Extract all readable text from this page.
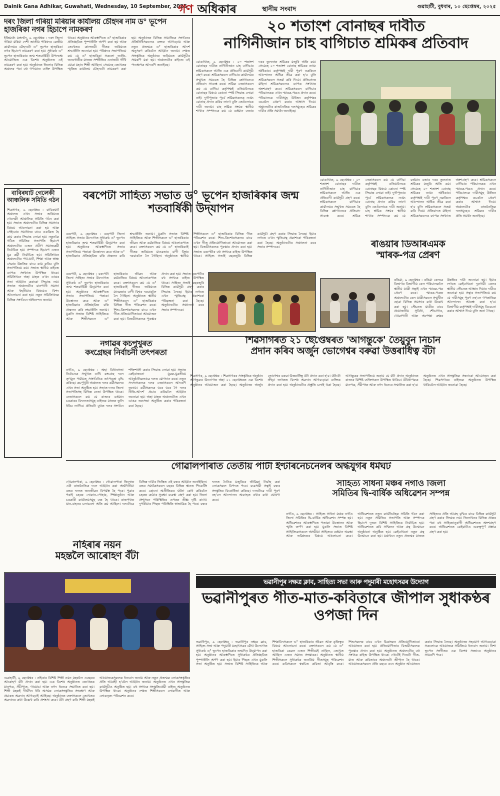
Dainik Gana Adhikar, Guwahati, Wednesday, 10 September, 2025
গণ অধিকাৰ	স্থানীয় সংবাদ	গুৱাহাটী, বুধবাৰ, ১০ ছেপ্তেম্বৰ, ২০২৫
দৰং জিলা গৰিয়া মৰিয়াৰ কাৰ্যালয় চৌহদৰ নাম ড° ভূপেন হাজৰিকা নগৰ হিচাপে নামকৰণ
ইতিমধ্যে মঙ্গলদৈ, ৯ ছেপ্তেম্বৰ : দৰং জিলা গৰিয়া মৰিয়া দেশী জাতীয় পৰিষদৰ কেন্দ্ৰীয় কাৰ্যালয়ৰ চৌহদটো ড° ভূপেন হাজৰিকা নগৰ হিচাপে নামকৰণ কৰা হয়। সুধাকণ্ঠ ড° ভূপেন হাজৰিকাৰ জন্ম শতবাৰ্ষিকী উপলক্ষে আয়োজিত এক বিশেষ অনুষ্ঠানত এই নামকৰণ কৰা হয়। অনুষ্ঠানত জিলাৰ বিভিন্ন অঞ্চলৰ পৰা বহু গণ্যমান্য ব্যক্তি উপস্থিত থাকে। অনুষ্ঠানৰ আৰম্ভণিতে ড° হাজৰিকাৰ প্ৰতিচ্ছবিত পুষ্পাঞ্জলি অৰ্পণ কৰা হয় আৰু তেখেতৰ কালজয়ী গীতৰ জৰিয়তে শ্ৰদ্ধাঞ্জলি জনোৱা হয়। পৰিষদৰ সভাপতিয়ে কয় যে ড° হাজৰিকা সকলো জাতি-জনগোষ্ঠীৰ মাজত সম্প্ৰীতিৰ এনাজৰী গাঁথি যোৱা মহান শিল্পী আছিল। সেয়েহে তেখেতৰ স্মৃতিত কাৰ্যালয় চৌহদটো নামকৰণ কৰা হয়। অনুষ্ঠানত বিভিন্ন সামাজিক সংগঠনৰ প্ৰতিনিধিসকলেও বক্তব্য আগবঢ়ায় আৰু নতুন প্ৰজন্মক ড° হাজৰিকাৰ আদৰ্শ অনুসৰণ কৰিবলৈ আহ্বান জনায়। শেষত সাংস্কৃতিক অনুষ্ঠানৰ জৰিয়তে কাৰ্যসূচীৰ সামৰণি মৰা হয়। অঞ্চলটোৰ ৰাইজে এই পদক্ষেপক আদৰণি জনাইছে।
২০ শতাংশ বোনাছৰ দাবীত
নাগিনীজান চাহ বাগিচাত শ্ৰমিকৰ প্ৰতিবাদ
বোকাখাত, ৯ ছেপ্তেম্বৰ : ২০ শতাংশ বোনাছৰ দাবীত নাগিনীজান চাহ বাগিচাৰ শ্ৰমিকসকলে আজি এক প্ৰতিবাদী কাৰ্যসূচী গ্ৰহণ কৰে। শ্ৰমিকসকলে বাগিচাৰ কাৰ্যালয়ৰ সন্মুখত সমবেত হৈ বিভিন্ন শ্লোগানেৰে প্ৰতিবাদ সাব্যস্ত কৰে। শ্ৰমিক নেতাসকলে কয় যে বাগিচা কৰ্তৃপক্ষই এতিয়ালৈকে বোনাছৰ বিষয়ে কোনো স্পষ্ট সিদ্ধান্ত লোৱা নাই। দুৰ্গাপূজাৰ পূৰ্বে শ্ৰমিকসকলক ন্যায্য বোনাছ প্ৰদান কৰিব লাগে বুলি তেওঁলোকে দাবী জনায়। চাহ শ্ৰমিক সংঘৰ স্থানীয় শাখাৰ সম্পাদকে কয় যে বৰ্তমান বজাৰ দৰৰ তুলনাত শ্ৰমিকৰ মজুৰি অতি কম। সেয়েহে ২০ শতাংশ বোনাছ শ্ৰমিকৰ ন্যায্য অধিকাৰ। কৰ্তৃপক্ষই দাবী পূৰণ নকৰিলে আন্দোলন অধিক তীব্ৰ কৰা হ'ব বুলি শ্ৰমিকসকলে সতৰ্ক কৰি দিয়ে। প্ৰতিবাদত মহিলা শ্ৰমিকসকলেও ব্যাপক সংখ্যাত অংশগ্ৰহণ কৰে। শ্ৰমিকসকলে বাগিচাৰ পৰিচালকক এখন স্মাৰক-পত্ৰও প্ৰদান কৰে। পৰিচালকে দাবীসমূহ উৰ্ধতন কৰ্তৃপক্ষৰ ওচৰলৈ প্ৰেৰণ কৰাৰ আশ্বাস দিয়ে। অঞ্চলটোৰ ৰাজনৈতিক দলসমূহেও শ্ৰমিকৰ দাবীৰ প্ৰতি সমৰ্থন জনাইছে।
বোকাখাত, ৯ ছেপ্তেম্বৰ : ২০ শতাংশ বোনাছৰ দাবীত নাগিনীজান চাহ বাগিচাৰ শ্ৰমিকসকলে আজি এক প্ৰতিবাদী কাৰ্যসূচী গ্ৰহণ কৰে। শ্ৰমিকসকলে বাগিচাৰ কাৰ্যালয়ৰ সন্মুখত সমবেত হৈ বিভিন্ন শ্লোগানেৰে প্ৰতিবাদ সাব্যস্ত কৰে। শ্ৰমিক নেতাসকলে কয় যে বাগিচা কৰ্তৃপক্ষই এতিয়ালৈকে বোনাছৰ বিষয়ে কোনো স্পষ্ট সিদ্ধান্ত লোৱা নাই। দুৰ্গাপূজাৰ পূৰ্বে শ্ৰমিকসকলক ন্যায্য বোনাছ প্ৰদান কৰিব লাগে বুলি তেওঁলোকে দাবী জনায়। চাহ শ্ৰমিক সংঘৰ স্থানীয় শাখাৰ সম্পাদকে কয় যে বৰ্তমান বজাৰ দৰৰ তুলনাত শ্ৰমিকৰ মজুৰি অতি কম। সেয়েহে ২০ শতাংশ বোনাছ শ্ৰমিকৰ ন্যায্য অধিকাৰ। কৰ্তৃপক্ষই দাবী পূৰণ নকৰিলে আন্দোলন অধিক তীব্ৰ কৰা হ'ব বুলি শ্ৰমিকসকলে সতৰ্ক কৰি দিয়ে। প্ৰতিবাদত মহিলা শ্ৰমিকসকলেও ব্যাপক সংখ্যাত অংশগ্ৰহণ কৰে। শ্ৰমিকসকলে বাগিচাৰ পৰিচালকক এখন স্মাৰক-পত্ৰও প্ৰদান কৰে। পৰিচালকে দাবীসমূহ উৰ্ধতন কৰ্তৃপক্ষৰ ওচৰলৈ প্ৰেৰণ কৰাৰ আশ্বাস দিয়ে। অঞ্চলটোৰ ৰাজনৈতিক দলসমূহেও শ্ৰমিকৰ দাবীৰ প্ৰতি সমৰ্থন জনাইছে।
বাবিৰঘাট গেলেকী আঞ্চলিক সমিতি গঠন
শিৱসাগৰ, ৯ ছেপ্তেম্বৰ : বাবিৰঘাট অঞ্চলত এখন সভাৰ জৰিয়তে গেলেকী আঞ্চলিক সমিতি গঠন কৰা হয়। সভাত অঞ্চলটোৰ বিভিন্ন সমস্যাৰ বিষয়ে আলোচনা কৰা হয় আৰু সেইবোৰ সমাধানৰ বাবে একত্ৰিত হৈ কাম কৰাৰ সিদ্ধান্ত লোৱা হয়। নতুনকৈ গঠিত সমিতিৰ সভাপতি হিচাপে অঞ্চলটোৰ এজন প্ৰবীণ সমাজকৰ্মী নিৰ্বাচিত হয়। সম্পাদক হিচাপে এজন যুৱ কৰ্মী নিৰ্বাচিত হয়। সমিতিখনে অঞ্চলটোৰ পথ-ঘাট, শিক্ষা আৰু স্বাস্থ্য সেৱাৰ উন্নতিৰ বাবে কাম কৰিব বুলি সভাপতিয়ে কয়। সভাত স্থানীয় ৰাইজে ব্যাপক সংখ্যাত উপস্থিত থাকে। সমিতিখনে অহা মাহত এখন ডাঙৰ সভা আহ্বান কৰাৰো সিদ্ধান্ত লয়। সভাত অঞ্চলটোৰ বানপানী সমস্যা আৰু খহনীয়াৰ বিষয়েও বিশদ আলোচনা কৰা হয়। নতুন সমিতিখনক বিভিন্ন সংগঠনে অভিনন্দন জনায়।
বৰপেটা সাহিত্য সভাত ড° ভূপেন হাজৰিকাৰ জন্ম শতবাৰ্ষিকী উদ্‌যাপন
বৰপেটা, ৯ ছেপ্তেম্বৰ : বৰপেটা জিলা সাহিত্য সভাৰ উদ্যোগত সুধাকণ্ঠ ড° ভূপেন হাজৰিকাৰ জন্ম শতবাৰ্ষিকী উদ্‌যাপন কৰা হয়। অনুষ্ঠানৰ আৰম্ভণিতে সভাৰ সভাপতিয়ে পতাকা উত্তোলন কৰে আৰু ড° হাজৰিকাৰ প্ৰতিচ্ছবিত বন্তি প্ৰজ্বলন কৰি শ্ৰদ্ধাঞ্জলি জনায়। মুকলি সভাত বিশিষ্ট সাহিত্যিক আৰু শিল্পীসকলে ড° হাজৰিকাৰ জীৱন আৰু কৰ্মৰাজিৰ বিষয়ে আলোকপাত কৰে। বক্তাসকলে কয় যে ড° হাজৰিকাই গীতৰ জৰিয়তে মানৱতাৰ বাণী বিশ্বৰ দৰবাৰলৈ লৈ গৈছিল। অনুষ্ঠানত স্থানীয় শিল্পীসকলে ড° হাজৰিকাৰ বিভিন্ন গীত পৰিৱেশন কৰে। শিশু-কিশোৰসকলৰ বাবে এখন গীত প্ৰতিযোগিতাৰো আয়োজন কৰা হয়। বিজয়ীসকলক পুৰস্কাৰ প্ৰদান কৰা হয়। সভাত বৰপেটাৰ বহু সংখ্যক ৰাইজ উপস্থিত থাকে। সাহিত্য সভাই বছৰজুৰি বিভিন্ন কাৰ্যসূচী গ্ৰহণ কৰাৰ সিদ্ধান্ত লৈছে। ইয়াৰ লগতে এখন স্মৃতিগ্ৰন্থ প্ৰকাশৰো পৰিকল্পনা কৰা হৈছে। অনুষ্ঠানটোৰ সঞ্চালনা কৰে সভাৰ সম্পাদকে।
বৰপেটা, ৯ ছেপ্তেম্বৰ : বৰপেটা জিলা সাহিত্য সভাৰ উদ্যোগত সুধাকণ্ঠ ড° ভূপেন হাজৰিকাৰ জন্ম শতবাৰ্ষিকী উদ্‌যাপন কৰা হয়। অনুষ্ঠানৰ আৰম্ভণিতে সভাৰ সভাপতিয়ে পতাকা উত্তোলন কৰে আৰু ড° হাজৰিকাৰ প্ৰতিচ্ছবিত বন্তি প্ৰজ্বলন কৰি শ্ৰদ্ধাঞ্জলি জনায়। মুকলি সভাত বিশিষ্ট সাহিত্যিক আৰু শিল্পীসকলে ড° হাজৰিকাৰ জীৱন আৰু কৰ্মৰাজিৰ বিষয়ে আলোকপাত কৰে। বক্তাসকলে কয় যে ড° হাজৰিকাই গীতৰ জৰিয়তে মানৱতাৰ বাণী বিশ্বৰ দৰবাৰলৈ লৈ গৈছিল। অনুষ্ঠানত স্থানীয় শিল্পীসকলে ড° হাজৰিকাৰ বিভিন্ন গীত পৰিৱেশন কৰে। শিশু-কিশোৰসকলৰ বাবে এখন গীত প্ৰতিযোগিতাৰো আয়োজন কৰা হয়। বিজয়ীসকলক পুৰস্কাৰ প্ৰদান কৰা হয়। সভাত বৰপেটাৰ বহু সংখ্যক ৰাইজ উপস্থিত থাকে। সাহিত্য সভাই বছৰজুৰি বিভিন্ন কাৰ্যসূচী গ্ৰহণ কৰাৰ সিদ্ধান্ত লৈছে। ইয়াৰ লগতে এখন স্মৃতিগ্ৰন্থ প্ৰকাশৰো পৰিকল্পনা কৰা হৈছে। অনুষ্ঠানটোৰ সঞ্চালনা কৰে সভাৰ সম্পাদকে।
ৰঙিয়াৰ ডিআৰএমক
স্মাৰক-পত্ৰ প্ৰেৰণ
ৰঙিয়া, ৯ ছেপ্তেম্বৰ : ৰঙিয়া ৰেলৱে বিভাগৰ বিভাগীয় ৰেল পৰিচালকলৈ স্থানীয় যাত্ৰী সন্থাই এখন স্মাৰক-পত্ৰ প্ৰেৰণ কৰে। স্মাৰক-পত্ৰত অঞ্চলটোৰ ৰেল যাত্ৰীসকলে সন্মুখীন হোৱা বিভিন্ন সমস্যাৰ কথা উল্লেখ কৰা হয়। স্টেচনত যাত্ৰীৰ বাবে প্ৰয়োজনীয় সুবিধা, শৌচাগাৰ, খোৱাপানী আৰু অপেক্ষা কক্ষৰ উন্নতিৰ দাবী জনোৱা হয়। ইয়াৰ লগতে কেইবাখনো দূৰগামী ৰেলৰ স্থানীয় স্টেচনত আস্থান দিয়াৰ দাবীও জনোৱা হয়। সন্থাৰ সভাপতিয়ে কয় যে দাবীসমূহ পূৰণ নহ'লে গণতান্ত্ৰিক আন্দোলন আৰম্ভ কৰা হ'ব। বিভাগীয় কৰ্তৃপক্ষই দাবীসমূহ বিবেচনা কৰাৰ আশ্বাস দিয়ে বুলি জনা গৈছে।
নগাঁৱৰ কচপুখুৰত
কংগ্ৰেছৰ নিৰ্বাচনী তৎপৰতা
নগাঁও, ৯ ছেপ্তেম্বৰ : অহা বিধানসভা নিৰ্বাচনক সন্মুখত ৰাখি কংগ্ৰেছ দলে তৃণমূল পৰ্যায়ত সাংগঠনিক তৎপৰতা বৃদ্ধি কৰিছে। কচপুখুৰী অঞ্চলত দলৰ কৰ্মীসকলৰ এখন সভা অনুষ্ঠিত হয়। সভাত দলৰ জিলা সভাপতিসহ বিভিন্ন নেতা উপস্থিত থাকে। নেতাসকলে কয় যে ৰাজ্যৰ বৰ্তমান চৰকাৰৰ বিফলতাসমূহ ৰাইজৰ মাজত তুলি ধৰিব লাগিব। প্ৰতিটো বুথত দলৰ সংগঠন শক্তিশালী কৰাৰ সিদ্ধান্ত লোৱা হয়। সভাত কেইবাজনো যুৱক-যুৱতীয়ে আনুষ্ঠানিকভাৱে দলত যোগদান কৰে। নতুন সদস্যসকলক দলৰ নেতাসকলে আদৰণি জনায়। কৰ্মীসকলক ঘৰে ঘৰে গৈ দলৰ নীতি-আদৰ্শ প্ৰচাৰ কৰিবলৈ আহ্বান জনোৱা হয়। অহা মাহত অঞ্চলটোত এখন ডাঙৰ জনসভা অনুষ্ঠিত কৰাৰ পৰিকল্পনা কৰা হৈছে।
শিৱসাগৰত ২১ ছেপ্তেম্বৰত 'আগন্তুকে' তৈয়ুবুন নিচান
প্ৰদান কৰিব অৰ্জুন ভোগেশ্বৰ বৰুৱা উত্তৰাধিত্ব বঁটা
শিৱসাগৰ, ৯ ছেপ্তেম্বৰ : শিৱসাগৰৰ সাংস্কৃতিক অনুষ্ঠান আগন্তুকৰ উদ্যোগত অহা ২১ ছেপ্তেম্বৰত এক বিশেষ অনুষ্ঠানৰ আয়োজন কৰা হৈছে। অনুষ্ঠানত অৰ্জুন ভোগেশ্বৰ বৰুৱা উত্তৰাধিত্ব বঁটা প্ৰদান কৰা হ'ব। বঁটাটো ক্ৰীড়া জগতত বিশেষ অৱদান আগবঢ়োৱা ব্যক্তিক প্ৰদান কৰা হয়। অনুষ্ঠানটোৰ প্ৰস্তুতি চলাই থকা হৈছে। আগন্তুকৰ সভাপতিয়ে জনায় যে বঁটা প্ৰদান অনুষ্ঠানত ৰাজ্যৰ বিশিষ্ট ব্যক্তিসকল উপস্থিত থাকিব। বঁটাপ্ৰাপকক মানপত্ৰ, সঁচীপাত আৰু নগদ ধনেৰে সন্মানিত কৰা হ'ব। অনুষ্ঠানত এখন সাংস্কৃতিক সন্ধ্যাৰো আয়োজন কৰা হৈছে। শিৱসাগৰৰ ৰাইজক অনুষ্ঠানত উপস্থিত থাকিবলৈ আহ্বান জনোৱা হৈছে।
গোৱালপাৰাত তেতীয় পাৰ্টী ইণ্টাৰনেচনেলৰ অৰ্দ্ধযুগৰ ধৰ্মঘট
গোৱালপাৰা, ৯ ছেপ্তেম্বৰ : গোৱালপাৰা জিলাত এটা ৰাজনৈতিক দলে আহ্বান কৰা অৰ্দ্ধদিনীয়া বন্ধৰ ফলত জনজীৱন বিপৰ্যস্ত হৈ পৰে। পুৱাৰ পৰাই চহৰৰ দোকান-পোহাৰ, শিক্ষানুষ্ঠান আৰু চৰকাৰী কাৰ্যালয়সমূহ বন্ধ হৈ থাকে। ৰাজপথত যান-বাহনৰ চলাচলো অতি কম আছিল। দলটোৱে বিভিন্ন দাবীৰ ভিত্তিত এই বন্ধৰ আহ্বান জনাইছিল। বন্ধৰ সমৰ্থকসকলে চহৰৰ বিভিন্ন স্থানত পিকেটিং কৰে। কোনো অপ্ৰীতিকৰ ঘটনা ৰোধ কৰিবলৈ চহৰত কঠোৰ সুৰক্ষা ব্যৱস্থা গ্ৰহণ কৰা হয়। জিলা প্ৰশাসনে পৰিস্থিতিৰ ওপৰত তীক্ষ্ণ দৃষ্টি ৰাখে। দুপৰীয়াৰ পিছত পৰিস্থিতি স্বাভাৱিক হৈ পৰে। বন্ধৰ ফলত দৈনিক মজুৰিৰে জীৱিকা নিৰ্বাহ কৰা লোকসকল বিপদত পৰে। ব্যৱসায়ী সন্থাই বন্ধৰ সংস্কৃতিৰ বিৰোধিতা কৰিছে। দলটোৱে দাবী পূৰণ নহ'লে আন্দোলন অব্যাহত ৰখাৰ কথা ঘোষণা কৰে।
সাহিত্য সাধনা মঞ্চৰ নগাঁও জিলা
সমিতিৰ দ্বি-বাৰ্ষিক অধিৱেশন সম্পন্ন
নগাঁও, ৯ ছেপ্তেম্বৰ : সাহিত্য সাধনা মঞ্চৰ নগাঁও জিলা সমিতিৰ দ্বি-বাৰ্ষিক অধিৱেশন সম্পন্ন হয়। অধিৱেশনৰ আৰম্ভণিতে পতাকা উত্তোলন আৰু স্মৃতি তৰ্পণ কৰা হয়। মুকলি সভাত বিশিষ্ট সাহিত্যিকসকলে অসমীয়া সাহিত্যৰ বৰ্তমান অৱস্থা আৰু ভৱিষ্যতৰ বিষয়ে আলোচনা কৰে। অধিৱেশনত নতুন কাৰ্যনিৰ্বাহক সমিতি গঠন কৰা হয়। নতুন সমিতিৰ সভাপতি আৰু সম্পাদক হিচাপে দুজন বিশিষ্ট সাহিত্যিক নিৰ্বাচিত হয়। অধিৱেশনত কবি সন্মিলন আৰু গ্ৰন্থ উন্মোচন অনুষ্ঠানো অনুষ্ঠিত হয়। কেইবাখনো নতুন গ্ৰন্থ উন্মোচন কৰা হয়। মঞ্চখনে নতুন প্ৰজন্মৰ মাজত সাহিত্যৰ প্ৰতি আগ্ৰহ বৃদ্ধিৰ বাবে বিভিন্ন কাৰ্যসূচী গ্ৰহণ কৰাৰ সিদ্ধান্ত লয়। জিলাখনৰ বিভিন্ন প্ৰান্তৰ পৰা বহু সাহিত্যানুৰাগী অধিৱেশনত অংশগ্ৰহণ কৰে। অধিৱেশনত কেইবাটাও গুৰুত্বপূৰ্ণ প্ৰস্তাৱ গ্ৰহণ কৰা হয়।
নহিৰাৰ নয়ন
মহন্তলৈ আৰোহণ বঁটা
গুৱাহাটী, ৯ ছেপ্তেম্বৰ : নহিৰাৰ বিশিষ্ট শিল্পী নয়ন মহন্তলৈ এবছৰৰ আৰোহণ বঁটা প্ৰদান কৰা হয়। এক বিশেষ অনুষ্ঠানত তেখেতক মানপত্ৰ, সঁচীপাত, গামোচা আৰু নগদ ধনেৰে সন্মানিত কৰা হয়। শিল্পী মহন্তই দীৰ্ঘদিন ধৰি অসমৰ লোকসংস্কৃতিৰ সংৰক্ষণ আৰু প্ৰচাৰত অৱদান আগবঢ়াই আহিছে। অনুষ্ঠানত বক্তাসকলে তেখেতৰ অৱদানৰ কথা উল্লেখ কৰি প্ৰশংসা কৰে। বঁটা গ্ৰহণ কৰি শিল্পী মহন্তই আয়োজকসকলক ধন্যবাদ জনায় আৰু নতুন প্ৰজন্মক লোকসংস্কৃতিৰ প্ৰতি আগ্ৰহী হ'বলৈ আহ্বান জনায়। অনুষ্ঠানত এখন সাংস্কৃতিক কাৰ্যসূচীও অনুষ্ঠিত হয়। বহু সংখ্যক সংস্কৃতিপ্ৰেমী ৰাইজ অনুষ্ঠানত উপস্থিত থাকে। অনুষ্ঠানৰ শেষত শিল্পীসকলে লোকগীত আৰু লোকনৃত্য পৰিৱেশন কৰে।
ভৱানীপুৰ নক্ষত্ৰ ক্লাব, সাহিত্য সভা আৰু পদুমাৰী মহোৎসৱৰ উদ্যোগ
ভৱানীপুৰত গীত-মাত-কবিতাৰে জীপাল সুধাকণ্ঠৰ ওপজা দিন
ভৱানীপুৰ, ৯ ছেপ্তেম্বৰ : ভৱানীপুৰ নক্ষত্ৰ ক্লাব, সাহিত্য সভা আৰু পদুমাৰী মহোৎসৱৰ যৌথ উদ্যোগত সুধাকণ্ঠ ড° ভূপেন হাজৰিকাৰ জন্মদিন উদ্‌যাপন কৰা হয়। অনুষ্ঠানৰ আৰম্ভণিতে সুধাকণ্ঠৰ প্ৰতিচ্ছবিত পুষ্পাঞ্জলি অৰ্পণ কৰা হয়। ইয়াৰ পিছত এখন মুকলি সভা অনুষ্ঠিত হয়। সভাত বিশিষ্ট সাহিত্যিক আৰু শিক্ষাবিদসকলে ড° হাজৰিকাৰ জীৱন আৰু কৃতিত্বৰ বিষয়ে আলোচনা কৰে। বক্তাসকলে কয় যে ড° হাজৰিকা কেৱল এজন শিল্পীয়েই নাছিল, তেখেত আছিল এজন সমাজ সংস্কাৰক। অনুষ্ঠানত স্থানীয় শিল্পীসকলে সুধাকণ্ঠৰ জনপ্ৰিয় গীতসমূহ পৰিৱেশন কৰে। কবিসকলে স্বৰচিত কবিতা আবৃত্তি কৰে। শিশুসকলৰ বাবে এখন চিত্ৰাংকন প্ৰতিযোগিতাৰো আয়োজন কৰা হয়। প্ৰতিযোগিতাৰ বিজয়ীসকলক পুৰস্কাৰ প্ৰদান কৰা হয়। অনুষ্ঠানত অঞ্চলটোৰ বহু সংখ্যক ৰাইজ উপস্থিত থাকে। গোটেই দিনটো গীত-মাত আৰু কবিতাৰে অঞ্চলটো জীপাল হৈ থাকে। আয়োজকসকলে প্ৰতি বছৰে এনে অনুষ্ঠান আয়োজন কৰাৰ সিদ্ধান্ত লৈছে। অনুষ্ঠানত সহযোগ আগবঢ়োৱা সকলোকে আয়োজক সমিতিয়ে ধন্যবাদ জনায়। নিশা ভূপেন সংগীতৰ এক বিশেষ সন্ধ্যাৰে অনুষ্ঠানৰ সামৰণি পৰে।
